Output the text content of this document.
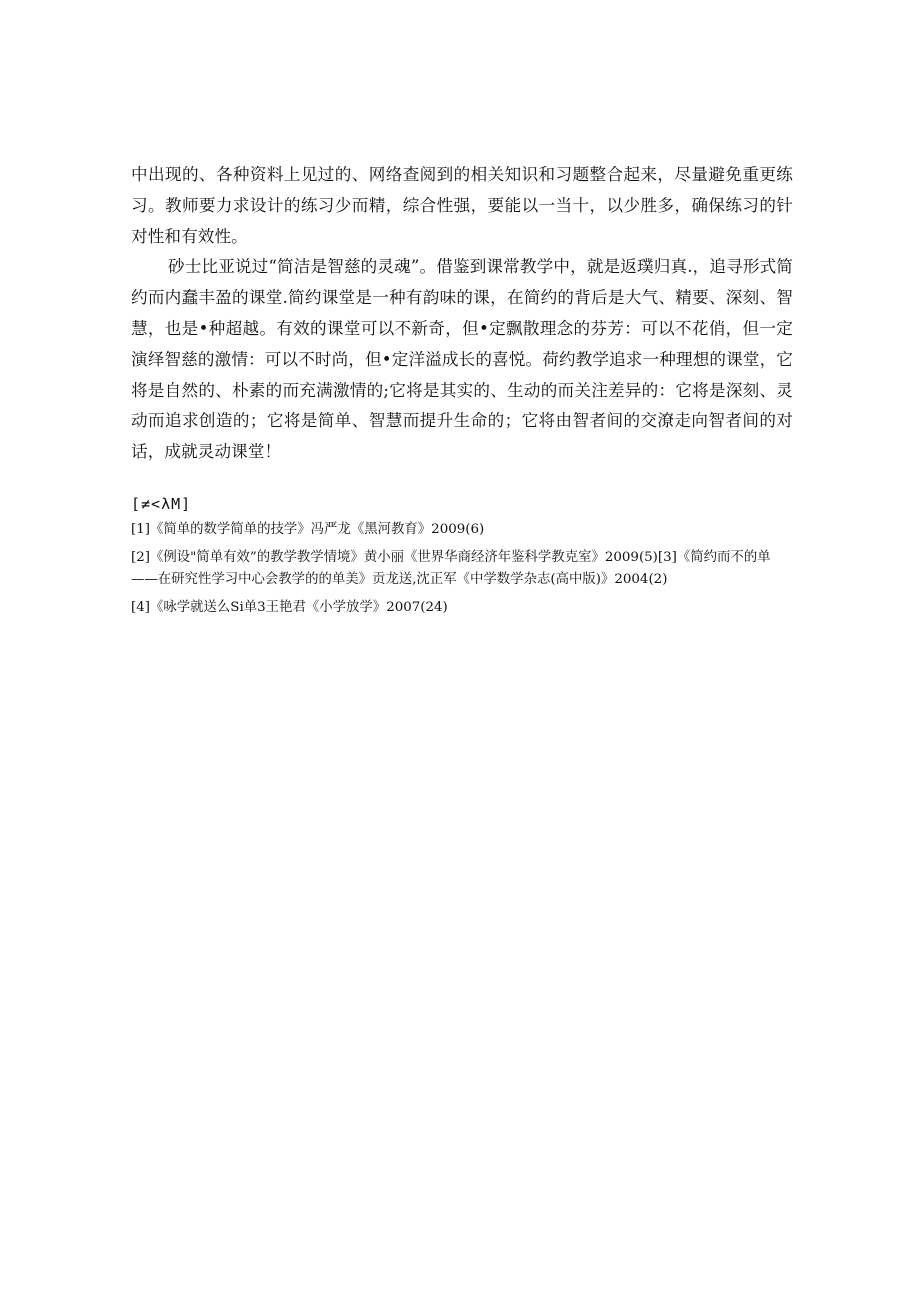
中出现的、各种资料上见过的、网络查阅到的相关知识和习题整合起来，尽量避免重更练习。教师要力求设计的练习少而精，综合性强，要能以一当十，以少胜多，确保练习的针对性和有效性。

砂士比亚说过“简洁是智慈的灵魂”。借鉴到课常教学中，就是返璞归真.，追寻形式简约而内蠢丰盈的课堂.简约课堂是一种有韵味的课，在简约的背后是大气、精要、深刻、智慧，也是•种超越。有效的课堂可以不新奇，但•定飘散理念的芬芳：可以不花俏，但一定演绎智慈的激情：可以不时尚，但•定洋溢成长的喜悦。荷约教学追求一种理想的课堂，它将是自然的、朴素的而充满激情的;它将是其实的、生动的而关注差异的：它将是深刻、灵动而追求创造的；它将是简单、智慧而提升生命的；它将由智者间的交潦走向智者间的对话，成就灵动课堂！

[≠<λM]

[1]《简单的数学简单的技学》冯严龙《黑河教育》2009(6)

[2]《例设"简单有效”的教学教学情境》黄小丽《世界华商经济年鉴科学教克室》2009(5)[3]《简约而不的单——在研究性学习中心会教学的的单美》贡龙送,沈正军《中学数学杂志(高中版)》2004(2)

[4]《咏学就送么Si单3王艳君《小学放学》2007(24)
